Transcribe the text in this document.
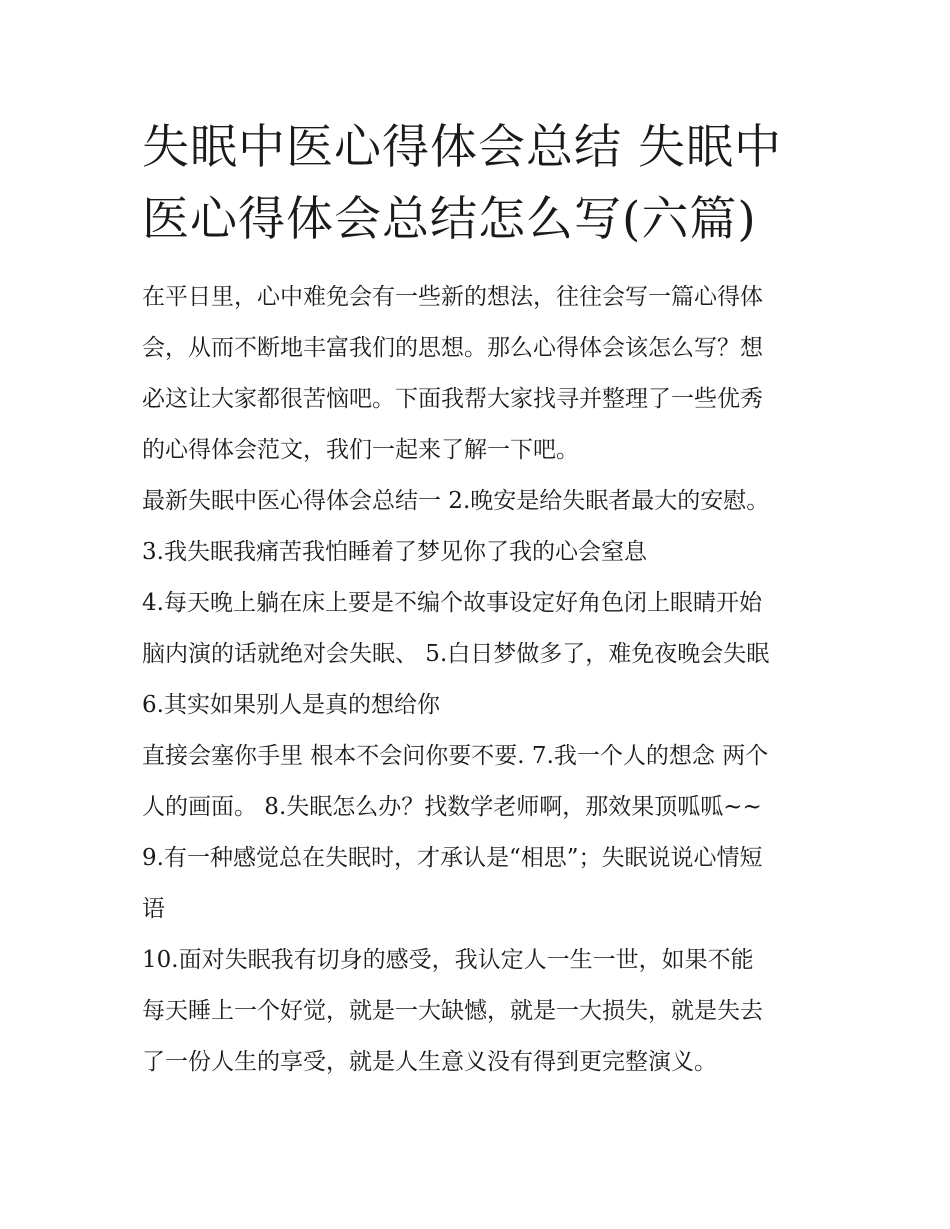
失眠中医心得体会总结 失眠中
医心得体会总结怎么写(六篇)

在平日里，心中难免会有一些新的想法，往往会写一篇心得体

会，从而不断地丰富我们的思想。那么心得体会该怎么写？想

必这让大家都很苦恼吧。下面我帮大家找寻并整理了一些优秀

的心得体会范文，我们一起来了解一下吧。

最新失眠中医心得体会总结一 2.晚安是给失眠者最大的安慰。

3.我失眠我痛苦我怕睡着了梦见你了我的心会窒息

4.每天晚上躺在床上要是不编个故事设定好角色闭上眼睛开始

脑内演的话就绝对会失眠、 5.白日梦做多了，难免夜晚会失眠

6.其实如果别人是真的想给你

直接会塞你手里 根本不会问你要不要. 7.我一个人的想念 两个

人的画面。 8.失眠怎么办？找数学老师啊，那效果顶呱呱~~

9.有一种感觉总在失眠时，才承认是“相思”；失眠说说心情短

语

10.面对失眠我有切身的感受，我认定人一生一世，如果不能

每天睡上一个好觉，就是一大缺憾，就是一大损失，就是失去

了一份人生的享受，就是人生意义没有得到更完整演义。
